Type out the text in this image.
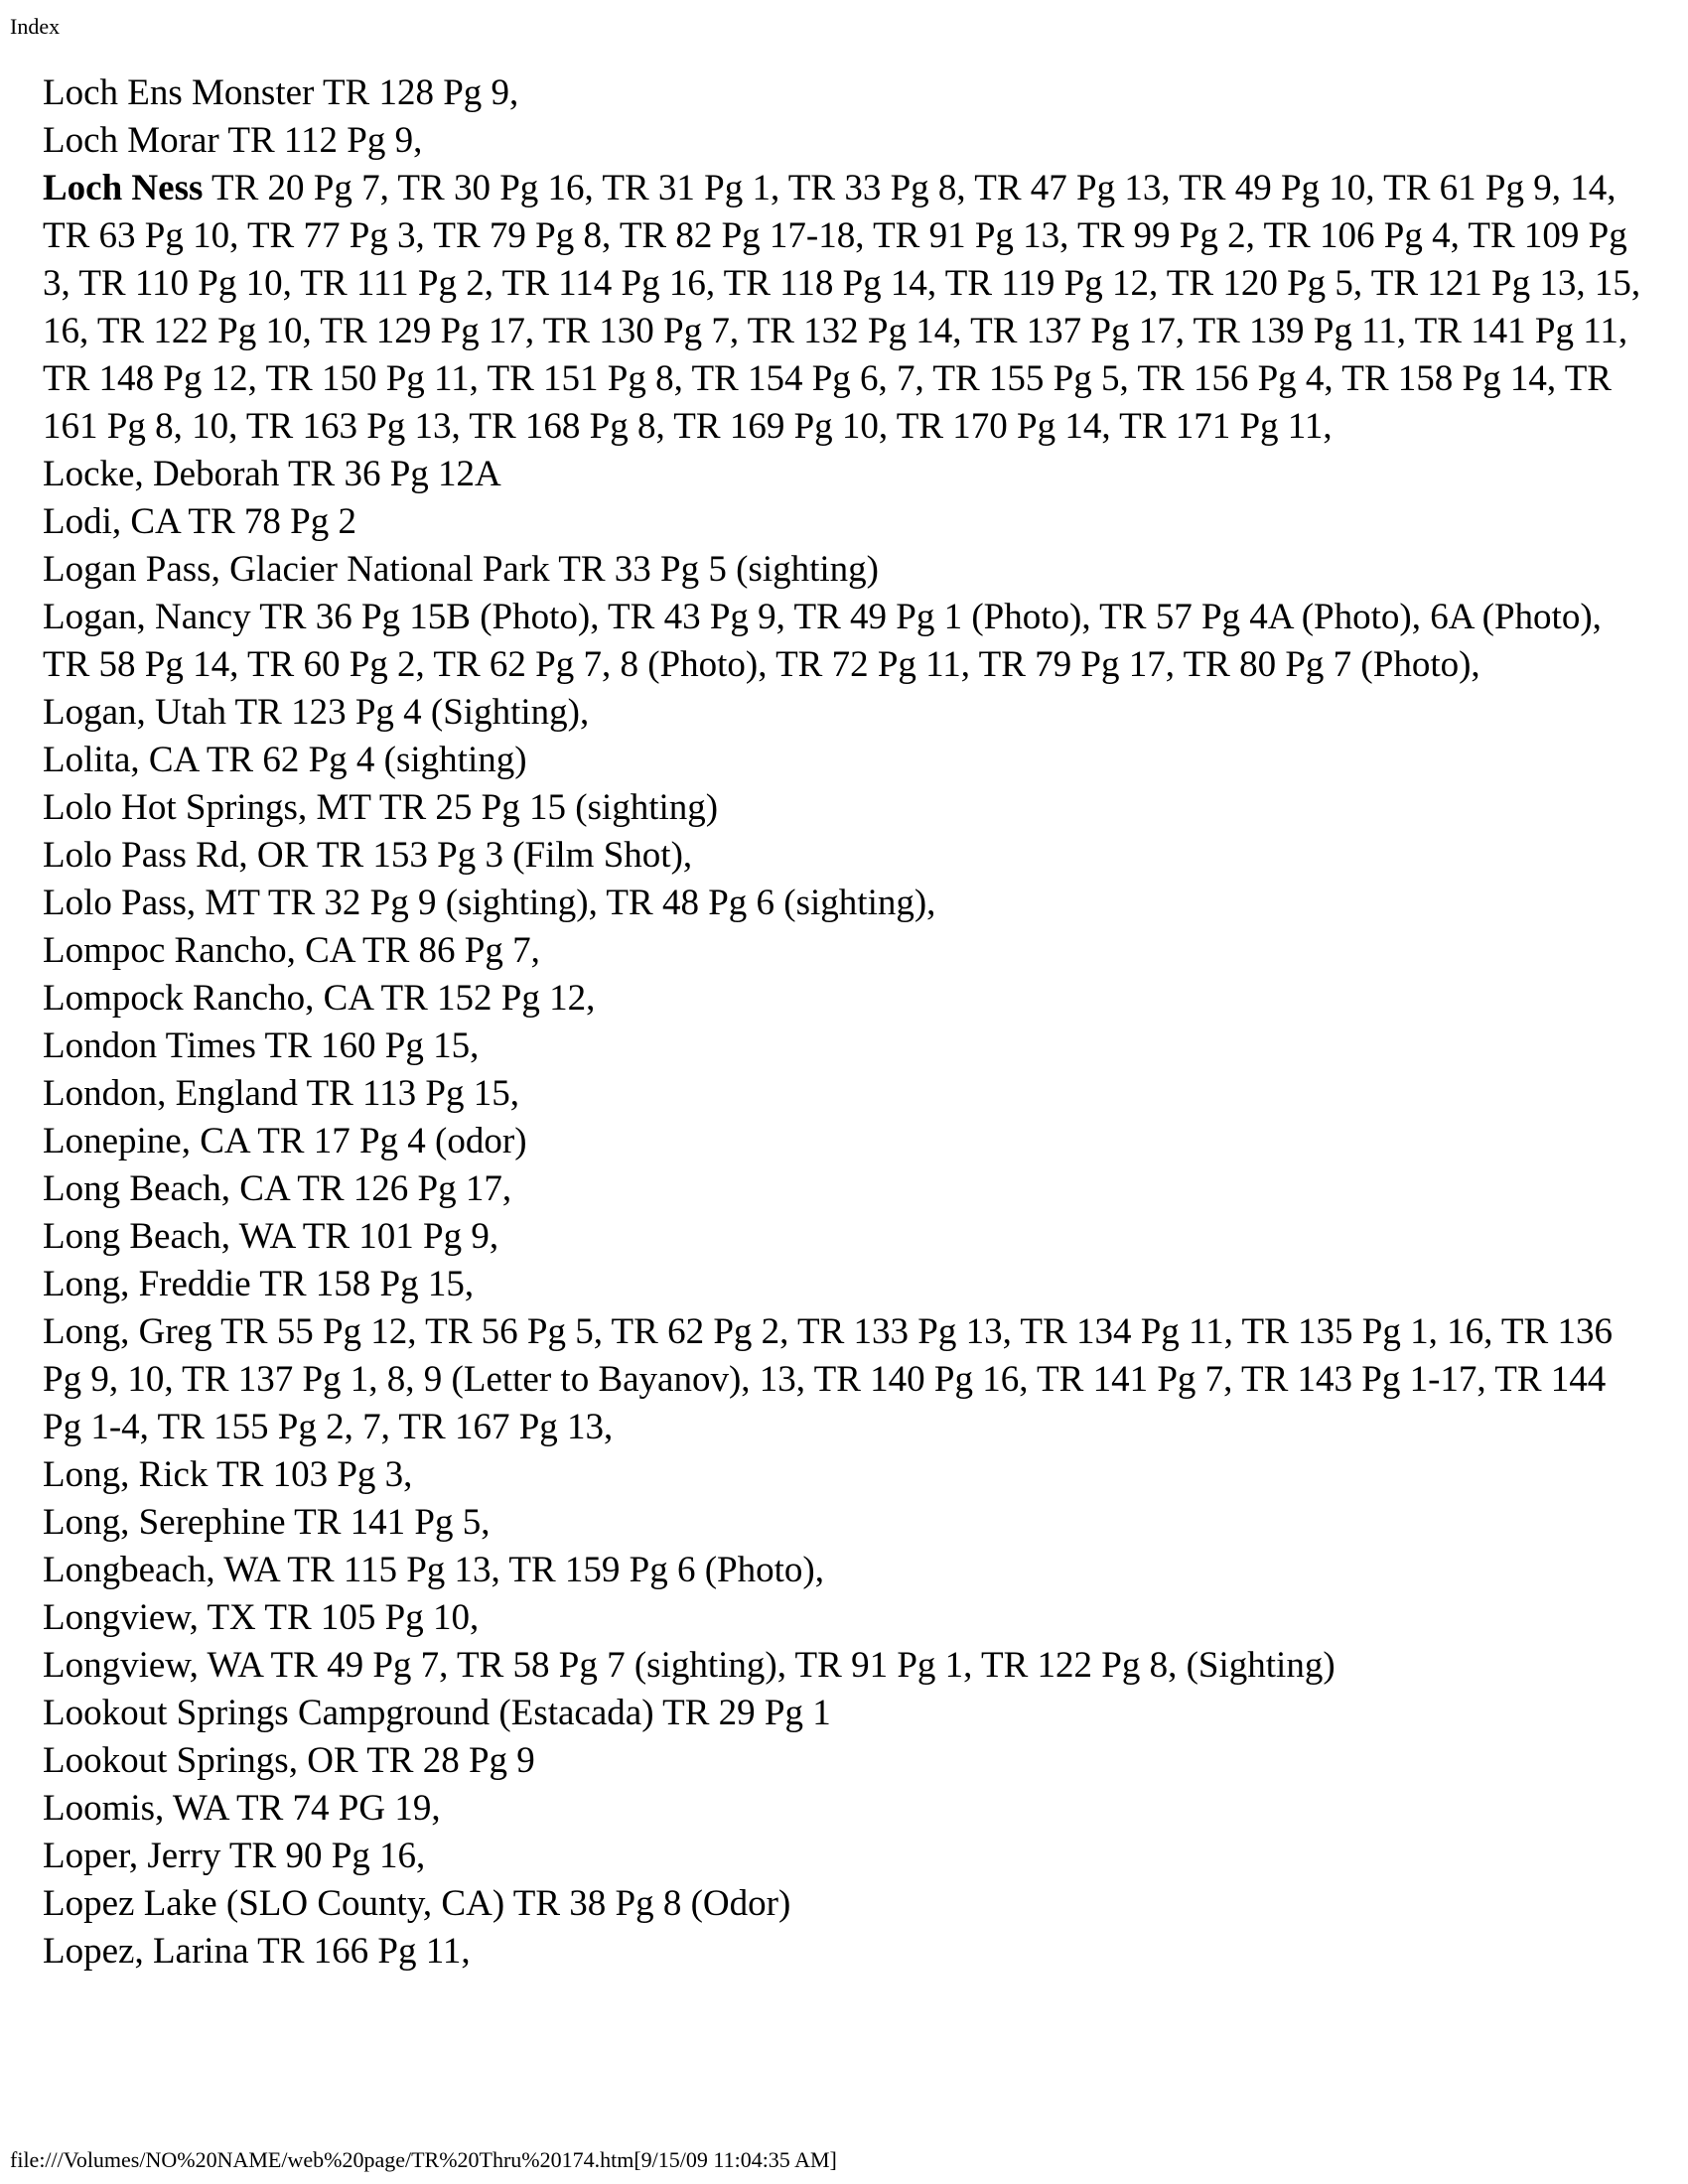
Index
Loch Ens Monster TR 128 Pg 9,
Loch Morar TR 112 Pg 9,
Loch Ness TR 20 Pg 7, TR 30 Pg 16, TR 31 Pg 1, TR 33 Pg 8, TR 47 Pg 13, TR 49 Pg 10, TR 61 Pg 9, 14, TR 63 Pg 10, TR 77 Pg 3, TR 79 Pg 8, TR 82 Pg 17-18, TR 91 Pg 13, TR 99 Pg 2, TR 106 Pg 4, TR 109 Pg 3, TR 110 Pg 10, TR 111 Pg 2, TR 114 Pg 16, TR 118 Pg 14, TR 119 Pg 12, TR 120 Pg 5, TR 121 Pg 13, 15, 16, TR 122 Pg 10, TR 129 Pg 17, TR 130 Pg 7, TR 132 Pg 14, TR 137 Pg 17, TR 139 Pg 11, TR 141 Pg 11, TR 148 Pg 12, TR 150 Pg 11, TR 151 Pg 8, TR 154 Pg 6, 7, TR 155 Pg 5, TR 156 Pg 4, TR 158 Pg 14, TR 161 Pg 8, 10, TR 163 Pg 13, TR 168 Pg 8, TR 169 Pg 10, TR 170 Pg 14, TR 171 Pg 11,
Locke, Deborah TR 36 Pg 12A
Lodi, CA TR 78 Pg 2
Logan Pass, Glacier National Park TR 33 Pg 5 (sighting)
Logan, Nancy TR 36 Pg 15B (Photo), TR 43 Pg 9, TR 49 Pg 1 (Photo), TR 57 Pg 4A (Photo), 6A (Photo), TR 58 Pg 14, TR 60 Pg 2, TR 62 Pg 7, 8 (Photo), TR 72 Pg 11, TR 79 Pg 17, TR 80 Pg 7 (Photo),
Logan, Utah TR 123 Pg 4 (Sighting),
Lolita, CA TR 62 Pg 4 (sighting)
Lolo Hot Springs, MT TR 25 Pg 15 (sighting)
Lolo Pass Rd, OR TR 153 Pg 3 (Film Shot),
Lolo Pass, MT TR 32 Pg 9 (sighting), TR 48 Pg 6 (sighting),
Lompoc Rancho, CA TR 86 Pg 7,
Lompock Rancho, CA TR 152 Pg 12,
London Times TR 160 Pg 15,
London, England TR 113 Pg 15,
Lonepine, CA TR 17 Pg 4 (odor)
Long Beach, CA TR 126 Pg 17,
Long Beach, WA TR 101 Pg 9,
Long, Freddie TR 158 Pg 15,
Long, Greg TR 55 Pg 12, TR 56 Pg 5, TR 62 Pg 2, TR 133 Pg 13, TR 134 Pg 11, TR 135 Pg 1, 16, TR 136 Pg 9, 10, TR 137 Pg 1, 8, 9 (Letter to Bayanov), 13, TR 140 Pg 16, TR 141 Pg 7, TR 143 Pg 1-17, TR 144 Pg 1-4, TR 155 Pg 2, 7, TR 167 Pg 13,
Long, Rick TR 103 Pg 3,
Long, Serephine TR 141 Pg 5,
Longbeach, WA TR 115 Pg 13, TR 159 Pg 6 (Photo),
Longview, TX TR 105 Pg 10,
Longview, WA TR 49 Pg 7, TR 58 Pg 7 (sighting), TR 91 Pg 1, TR 122 Pg 8, (Sighting)
Lookout Springs Campground (Estacada) TR 29 Pg 1
Lookout Springs, OR TR 28 Pg 9
Loomis, WA TR 74 PG 19,
Loper, Jerry TR 90 Pg 16,
Lopez Lake (SLO County, CA) TR 38 Pg 8 (Odor)
Lopez, Larina TR 166 Pg 11,
file:///Volumes/NO%20NAME/web%20page/TR%20Thru%20174.htm[9/15/09 11:04:35 AM]
